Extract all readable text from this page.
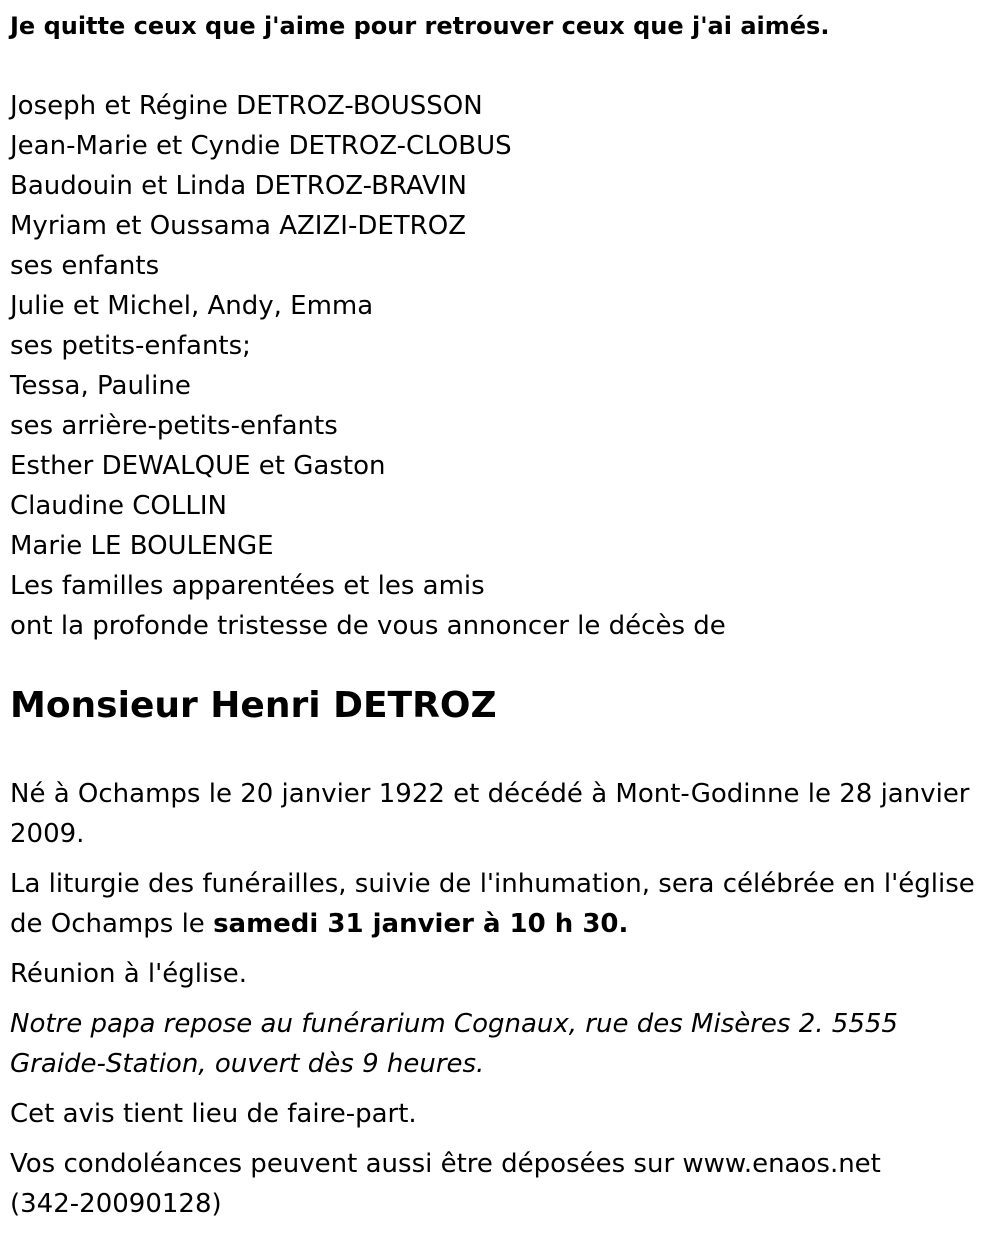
Je quitte ceux que j'aime pour retrouver ceux que j'ai aimés.

Joseph et Régine DETROZ-BOUSSON
Jean-Marie et Cyndie DETROZ-CLOBUS
Baudouin et Linda DETROZ-BRAVIN
Myriam et Oussama AZIZI-DETROZ
ses enfants
Julie et Michel, Andy, Emma
ses petits-enfants;
Tessa, Pauline
ses arrière-petits-enfants
Esther DEWALQUE et Gaston
Claudine COLLIN
Marie LE BOULENGE
Les familles apparentées et les amis
ont la profonde tristesse de vous annoncer le décès de
Monsieur Henri DETROZ

Né à Ochamps le 20 janvier 1922 et décédé à Mont-Godinne le 28 janvier 2009.

La liturgie des funérailles, suivie de l'inhumation, sera célébrée en l'église de Ochamps le samedi 31 janvier à 10 h 30.

Réunion à l'église.

Notre papa repose au funérarium Cognaux, rue des Misères 2. 5555 Graide-Station, ouvert dès 9 heures.

Cet avis tient lieu de faire-part.

Vos condoléances peuvent aussi être déposées sur www.enaos.net
(342-20090128)
